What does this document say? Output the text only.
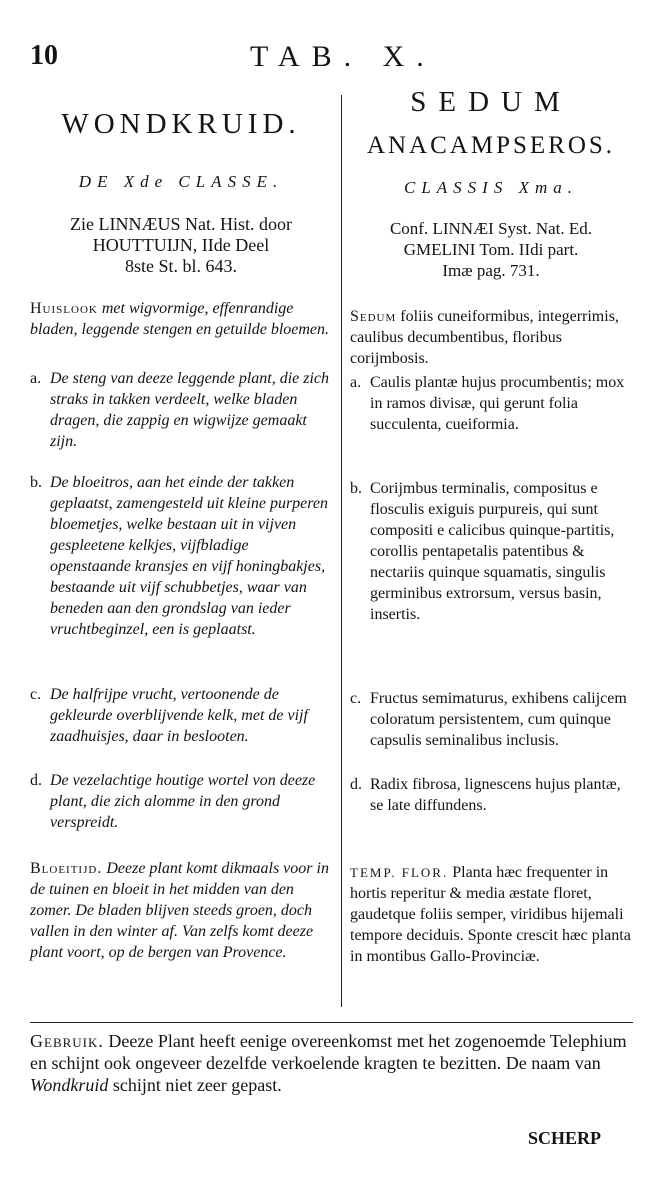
10	TAB. X.
WONDKRUID.
DE Xde CLASSE.
Zie LINNÆUS Nat. Hist. door
HOUTTUIJN, IIde Deel
8ste St. bl. 643.
Huislook met wigvormige, effenrandige bladen, leggende stengen en getuilde bloemen.
a. De steng van deeze leggende plant, die zich straks in takken verdeelt, welke bladen dragen, die zappig en wigwijze gemaakt zijn.
b. De bloeitros, aan het einde der takken geplaatst, zamengesteld uit kleine purperen bloemetjes, welke bestaan uit in vijven gespleetene kelkjes, vijfbladige openstaande kransjes en vijf honingbakjes, bestaande uit vijf schubbetjes, waar van beneden aan den grondslag van ieder vruchtbeginzel, een is geplaatst.
c. De halfrijpe vrucht, vertoonende de gekleurde overblijvende kelk, met de vijf zaadhuisjes, daar in beslooten.
d. De vezelachtige houtige wortel von deeze plant, die zich alomme in den grond verspreidt.
Bloeitijd. Deeze plant komt dikmaals voor in de tuinen en bloeit in het midden van den zomer. De bladen blijven steeds groen, doch vallen in den winter af. Van zelfs komt deeze plant voort, op de bergen van Provence.
SEDUM
ANACAMPSEROS.
CLASSIS Xma.
Conf. LINNÆI Syst. Nat. Ed.
GMELINI Tom. IIdi part.
Imæ pag. 731.
Sedum foliis cuneiformibus, integerrimis, caulibus decumbentibus, floribus corijmbosis.
a. Caulis plantæ hujus procumbentis; mox in ramos divisæ, qui gerunt folia succulenta, cueiformia.
b. Corijmbus terminalis, compositus e flosculis exiguis purpureis, qui sunt compositi e calicibus quinque-partitis, corollis pentapetalis patentibus & nectariis quinque squamatis, singulis germinibus extrorsum, versus basin, insertis.
c. Fructus semimaturus, exhibens calijcem coloratum persistentem, cum quinque capsulis seminalibus inclusis.
d. Radix fibrosa, lignescens hujus plantæ, se late diffundens.
TEMP. FLOR. Planta hæc frequenter in hortis reperitur & media æstate floret, gaudetque foliis semper, viridibus hijemali tempore deciduis. Sponte crescit hæc planta in montibus Gallo-Provinciæ.
Gebruik. Deeze Plant heeft eenige overeenkomst met het zogenoemde Telephium en schijnt ook ongeveer dezelfde verkoelende kragten te bezitten. De naam van Wondkruid schijnt niet zeer gepast.
SCHERP
